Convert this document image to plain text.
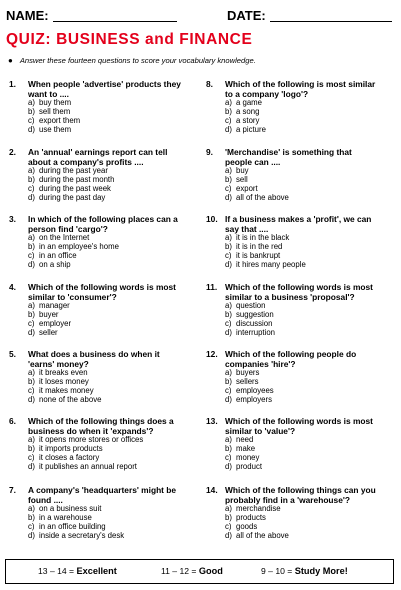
NAME:	DATE:
QUIZ: BUSINESS and FINANCE
● Answer these fourteen questions to score your vocabulary knowledge.
1.	When people 'advertise' products they want to ....
a) buy them
b) sell them
c) export them
d) use them
2.	An 'annual' earnings report can tell about a company's profits ....
a) during the past year
b) during the past month
c) during the past week
d) during the past day
3.	In which of the following places can a person find 'cargo'?
a) on the Internet
b) in an employee's home
c) in an office
d) on a ship
4.	Which of the following words is most similar to 'consumer'?
a) manager
b) buyer
c) employer
d) seller
5.	What does a business do when it 'earns' money?
a) it breaks even
b) it loses money
c) it makes money
d) none of the above
6.	Which of the following things does a business do when it 'expands'?
a) it opens more stores or offices
b) it imports products
c) it closes a factory
d) it publishes an annual report
7.	A company's 'headquarters' might be found ....
a) on a business suit
b) in a warehouse
c) in an office building
d) inside a secretary's desk
8.	Which of the following is most similar to a company 'logo'?
a) a game
b) a song
c) a story
d) a picture
9.	'Merchandise' is something that people can ....
a) buy
b) sell
c) export
d) all of the above
10. If a business makes a 'profit', we can say that ....
a) it is in the black
b) it is in the red
c) it is bankrupt
d) it hires many people
11. Which of the following words is most similar to a business 'proposal'?
a) question
b) suggestion
c) discussion
d) interruption
12. Which of the following people do companies 'hire'?
a) buyers
b) sellers
c) employees
d) employers
13. Which of the following words is most similar to 'value'?
a) need
b) make
c) money
d) product
14. Which of the following things can you probably find in a 'warehouse'?
a) merchandise
b) products
c) goods
d) all of the above
13 – 14 = Excellent	11 – 12 = Good	9 – 10 = Study More!
